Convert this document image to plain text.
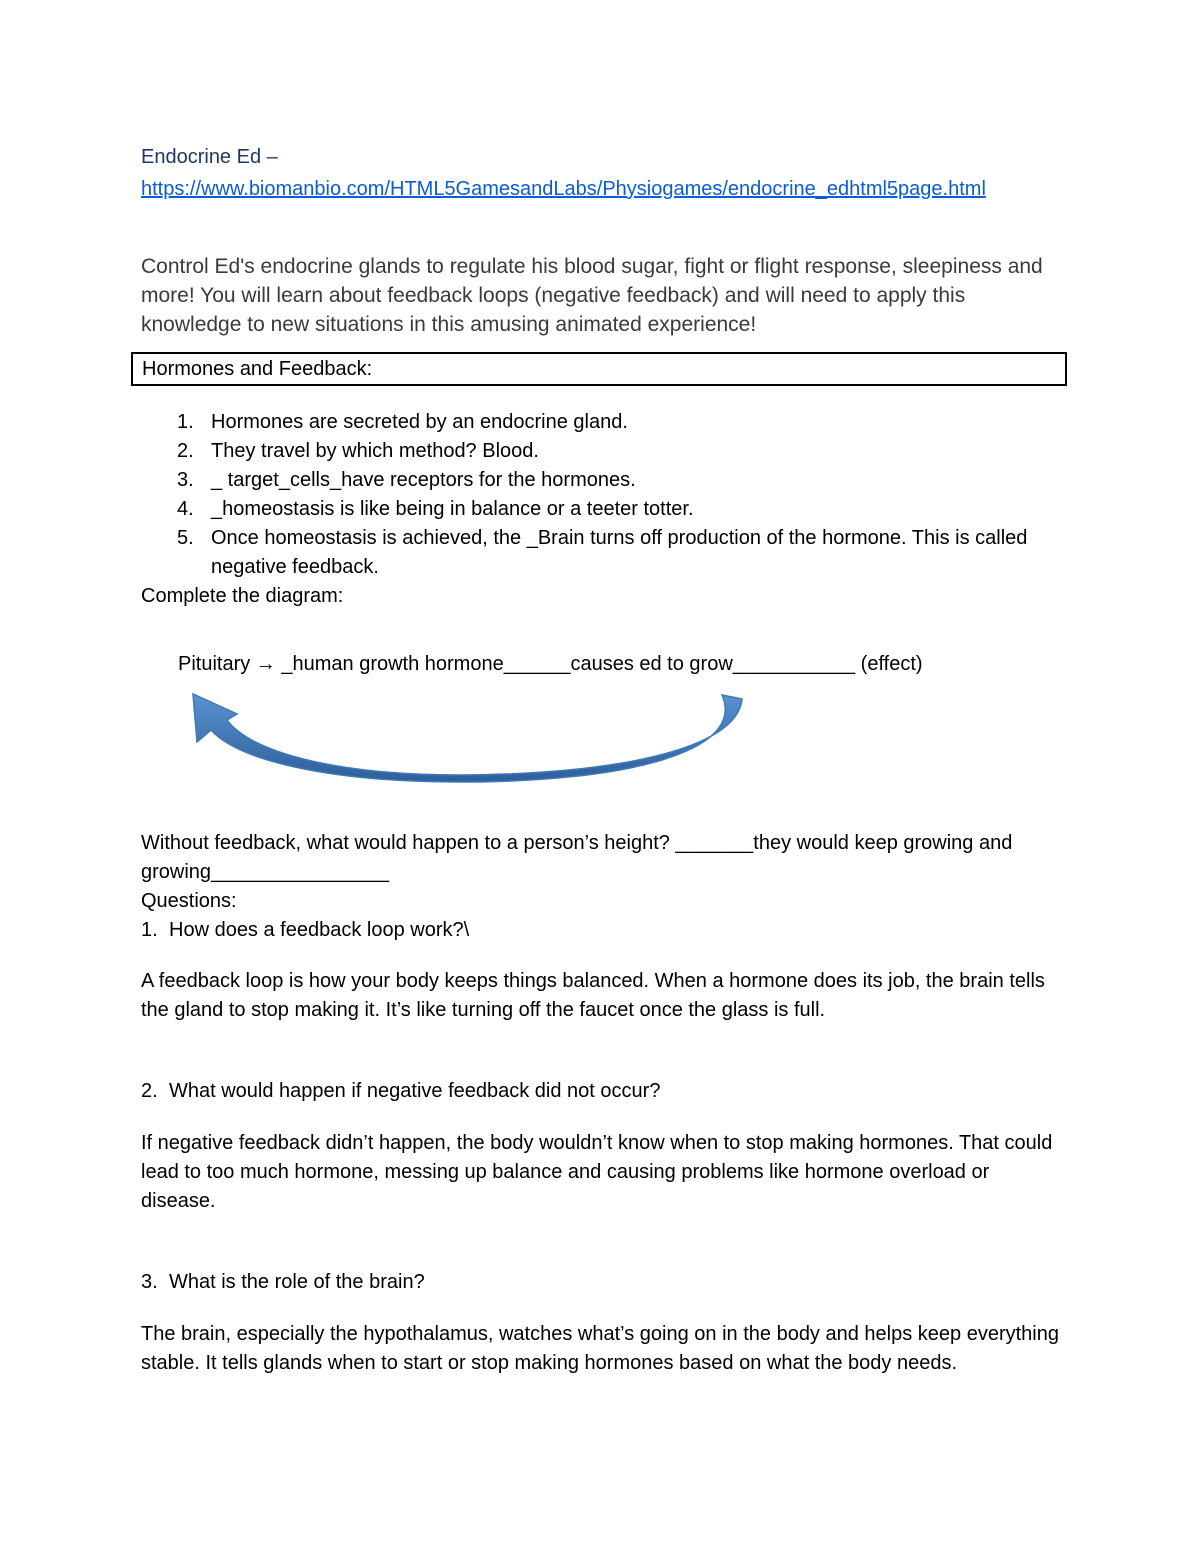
Endocrine Ed –
https://www.biomanbio.com/HTML5GamesandLabs/Physiogames/endocrine_edhtml5page.html
Control Ed's endocrine glands to regulate his blood sugar, fight or flight response, sleepiness and more! You will learn about feedback loops (negative feedback) and will need to apply this knowledge to new situations in this amusing animated experience!
Hormones and Feedback:
1. Hormones are secreted by an endocrine gland.
2. They travel by which method? Blood.
3. _ target_cells_have receptors for the hormones.
4. _homeostasis is like being in balance or a teeter totter.
5. Once homeostasis is achieved, the _Brain turns off production of the hormone. This is called negative feedback.
Complete the diagram:
Pituitary → _human growth hormone______causes ed to grow___________ (effect)
Without feedback, what would happen to a person’s height? _______they would keep growing and growing________________
Questions:
1. How does a feedback loop work?\
A feedback loop is how your body keeps things balanced. When a hormone does its job, the brain tells the gland to stop making it. It’s like turning off the faucet once the glass is full.
2. What would happen if negative feedback did not occur?
If negative feedback didn’t happen, the body wouldn’t know when to stop making hormones. That could lead to too much hormone, messing up balance and causing problems like hormone overload or disease.
3. What is the role of the brain?
The brain, especially the hypothalamus, watches what’s going on in the body and helps keep everything stable. It tells glands when to start or stop making hormones based on what the body needs.
